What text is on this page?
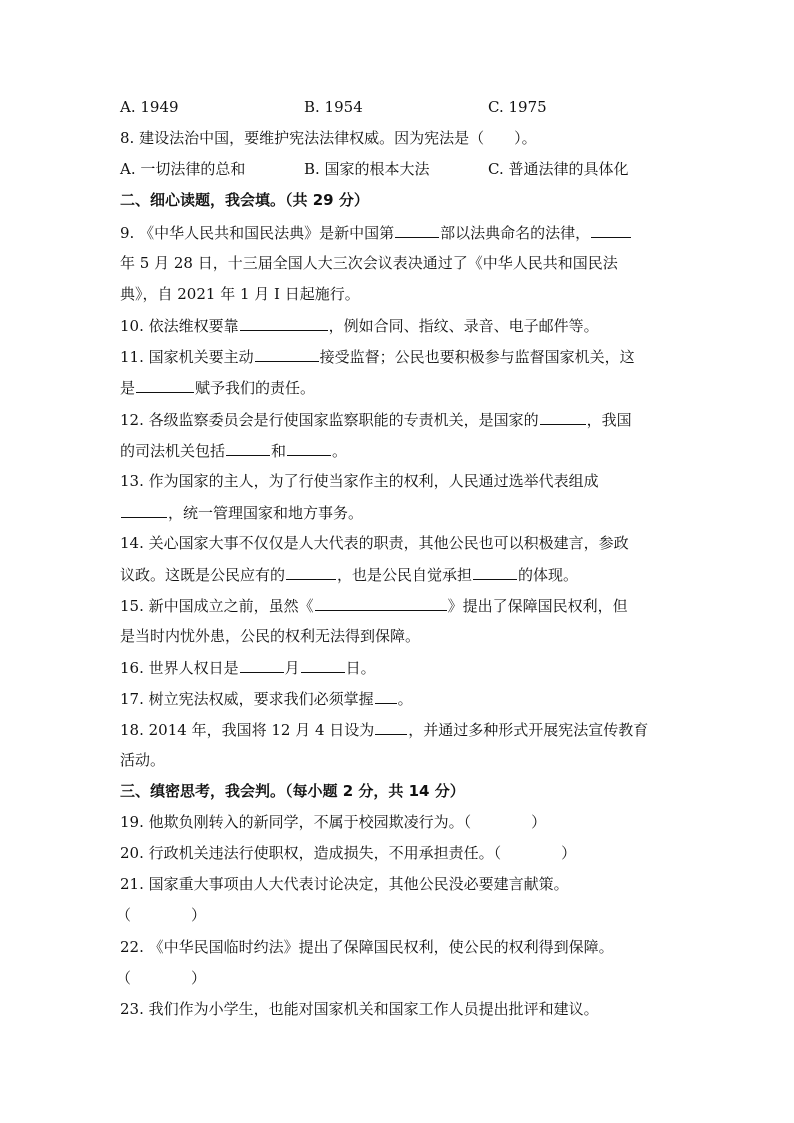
A. 1949	B. 1954	C. 1975
8. 建设法治中国，要维护宪法法律权威。因为宪法是（　　）。
A. 一切法律的总和	B. 国家的根本大法	C. 普通法律的具体化
二、细心读题，我会填。（共 29 分）
9. 《中华人民共和国民法典》是新中国第	部以法典命名的法律，
年 5 月 28 日，十三届全国人大三次会议表决通过了《中华人民共和国民法
典》，自 2021 年 1 月 I 日起施行。
10. 依法维权要靠	，例如合同、指纹、录音、电子邮件等。
11. 国家机关要主动	接受监督；公民也要积极参与监督国家机关，这
是	赋予我们的责任。
12. 各级监察委员会是行使国家监察职能的专责机关，是国家的	，我国
的司法机关包括	和	。
13. 作为国家的主人，为了行使当家作主的权利，人民通过选举代表组成
，统一管理国家和地方事务。
14. 关心国家大事不仅仅是人大代表的职责，其他公民也可以积极建言，参政
议政。这既是公民应有的	，也是公民自觉承担	的体现。
15. 新中国成立之前，虽然《	》提出了保障国民权利，但
是当时内忧外患，公民的权利无法得到保障。
16. 世界人权日是	月	日。
17. 树立宪法权威，要求我们必须掌握 。
18. 2014 年，我国将 12 月 4 日设为 ，并通过多种形式开展宪法宣传教育
活动。
三、缜密思考，我会判。（每小题 2 分，共 14 分）
19. 他欺负刚转入的新同学，不属于校园欺凌行为。（　　　　）
20. 行政机关违法行使职权，造成损失，不用承担责任。（　　　　）
21. 国家重大事项由人大代表讨论决定，其他公民没必要建言献策。
（　　　　）
22. 《中华民国临时约法》提出了保障国民权利，使公民的权利得到保障。
（　　　　）
23. 我们作为小学生，也能对国家机关和国家工作人员提出批评和建议。
